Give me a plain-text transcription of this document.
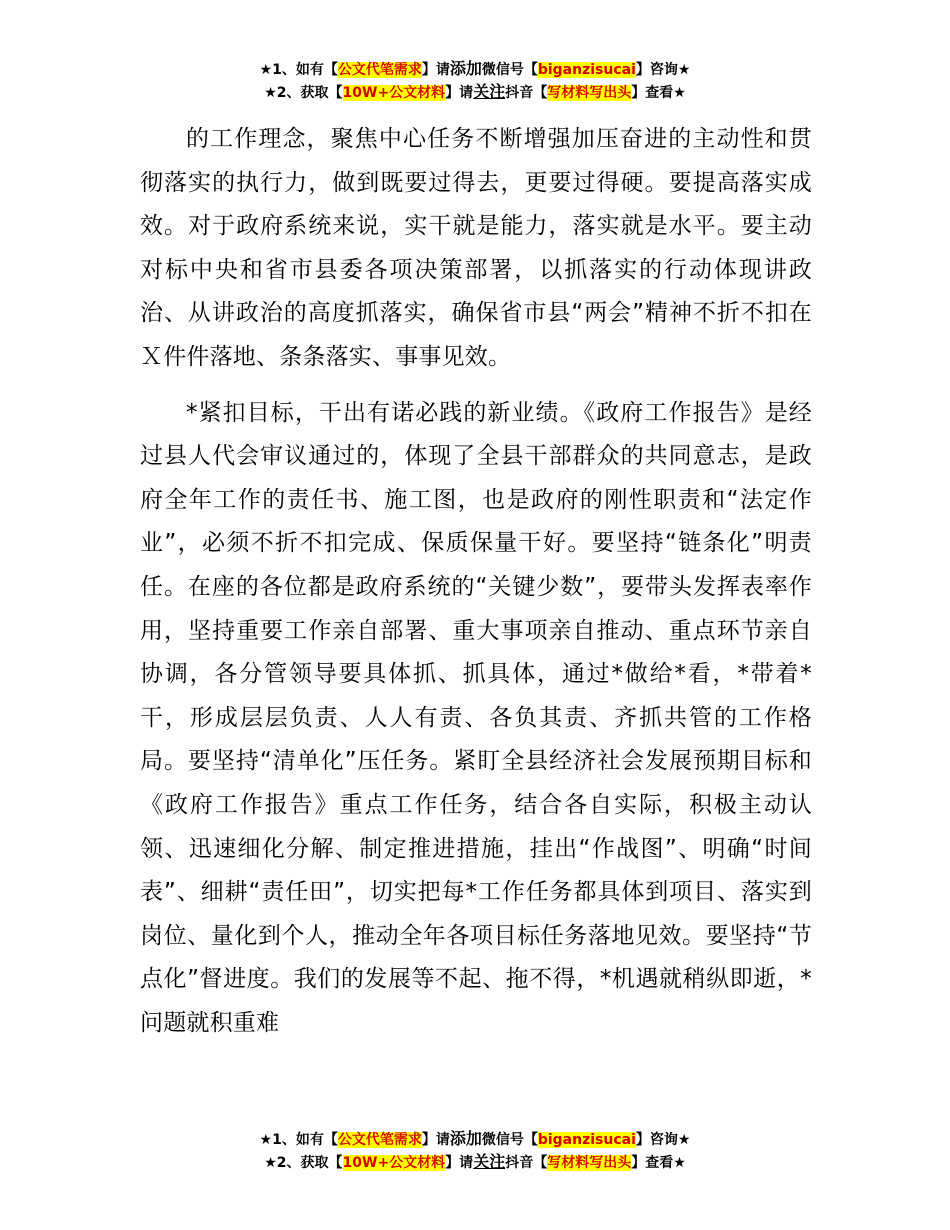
★1、如有【公文代笔需求】请添加微信号【biganzisucai】咨询★
★2、获取【10W+公文材料】请关注抖音【写材料写出头】查看★

的工作理念，聚焦中心任务不断增强加压奋进的主动性和贯彻落实的执行力，做到既要过得去，更要过得硬。要提高落实成效。对于政府系统来说，实干就是能力，落实就是水平。要主动对标中央和省市县委各项决策部署，以抓落实的行动体现讲政治、从讲政治的高度抓落实，确保省市县“两会”精神不折不扣在Ｘ件件落地、条条落实、事事见效。

*紧扣目标，干出有诺必践的新业绩。《政府工作报告》是经过县人代会审议通过的，体现了全县干部群众的共同意志，是政府全年工作的责任书、施工图，也是政府的刚性职责和“法定作业”，必须不折不扣完成、保质保量干好。要坚持“链条化”明责任。在座的各位都是政府系统的“关键少数”，要带头发挥表率作用，坚持重要工作亲自部署、重大事项亲自推动、重点环节亲自协调，各分管领导要具体抓、抓具体，通过*做给*看，*带着*干，形成层层负责、人人有责、各负其责、齐抓共管的工作格局。要坚持“清单化”压任务。紧盯全县经济社会发展预期目标和《政府工作报告》重点工作任务，结合各自实际，积极主动认领、迅速细化分解、制定推进措施，挂出“作战图”、明确“时间表”、细耕“责任田”，切实把每*工作任务都具体到项目、落实到岗位、量化到个人，推动全年各项目标任务落地见效。要坚持“节点化”督进度。我们的发展等不起、拖不得，*机遇就稍纵即逝，*问题就积重难

★1、如有【公文代笔需求】请添加微信号【biganzisucai】咨询★
★2、获取【10W+公文材料】请关注抖音【写材料写出头】查看★
